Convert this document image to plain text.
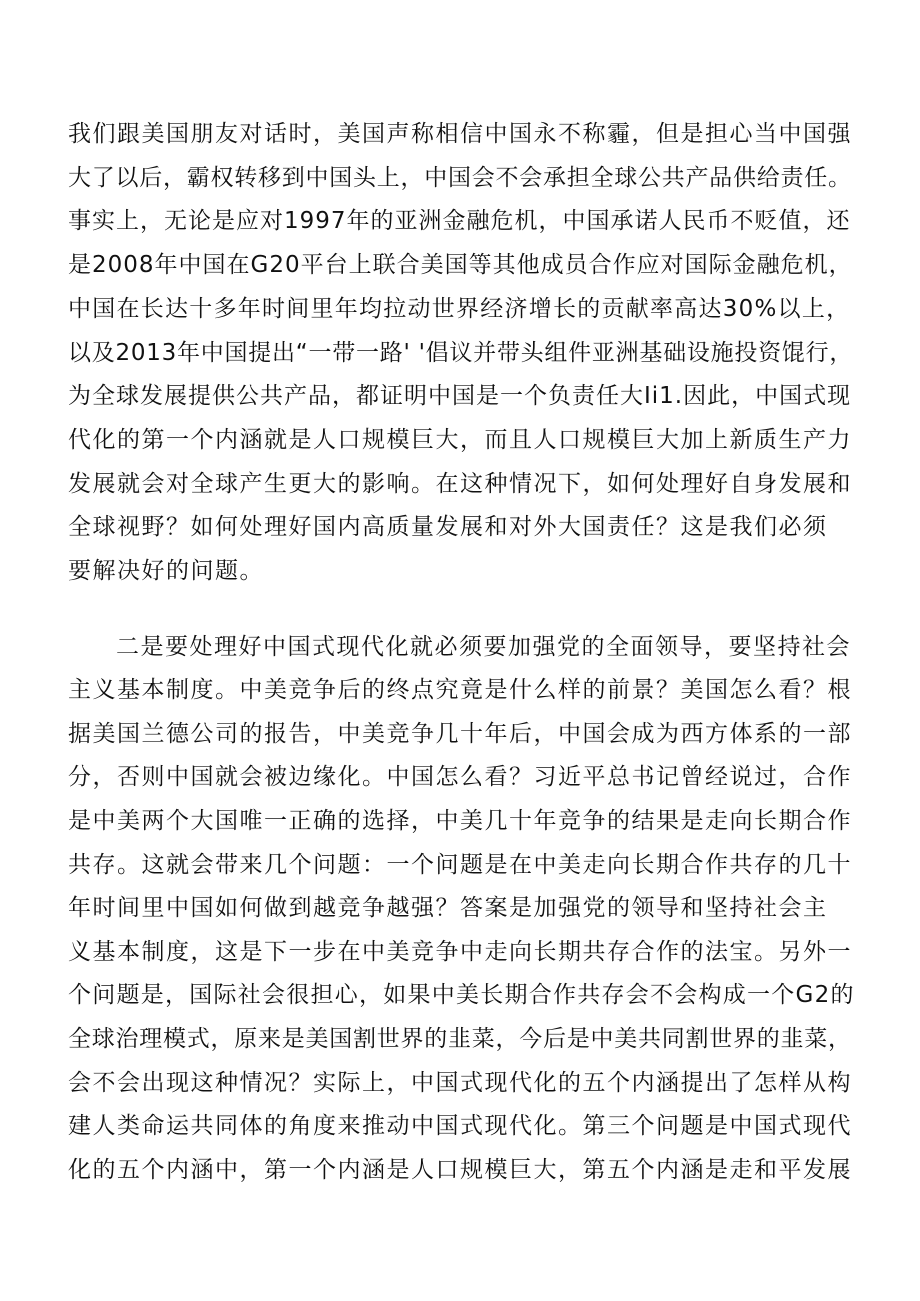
我们跟美国朋友对话时，美国声称相信中国永不称霾，但是担心当中国强
大了以后，霸权转移到中国头上，中国会不会承担全球公共产品供给责任。
事实上，无论是应对1997年的亚洲金融危机，中国承诺人民币不贬值，还
是2008年中国在G20平台上联合美国等其他成员合作应对国际金融危机，
中国在长达十多年时间里年均拉动世界经济增长的贡献率高达30%以上，
以及2013年中国提出“一带一路' '倡议并带头组件亚洲基础设施投资馄行，
为全球发展提供公共产品，都证明中国是一个负责任大Ii1.因此，中国式现
代化的第一个内涵就是人口规模巨大，而且人口规模巨大加上新质生产力
发展就会对全球产生更大的影响。在这种情况下，如何处理好自身发展和
全球视野？如何处理好国内高质量发展和对外大国责任？这是我们必须
要解决好的问题。
二是要处理好中国式现代化就必须要加强党的全面领导，要坚持社会
主义基本制度。中美竞争后的终点究竟是什么样的前景？美国怎么看？根
据美国兰德公司的报告，中美竞争几十年后，中国会成为西方体系的一部
分，否则中国就会被边缘化。中国怎么看？习近平总书记曾经说过，合作
是中美两个大国唯一正确的选择，中美几十年竞争的结果是走向长期合作
共存。这就会带来几个问题：一个问题是在中美走向长期合作共存的几十
年时间里中国如何做到越竞争越强？答案是加强党的领导和坚持社会主
义基本制度，这是下一步在中美竞争中走向长期共存合作的法宝。另外一
个问题是，国际社会很担心，如果中美长期合作共存会不会构成一个G2的
全球治理模式，原来是美国割世界的韭菜，今后是中美共同割世界的韭菜，
会不会出现这种情况？实际上，中国式现代化的五个内涵提出了怎样从构
建人类命运共同体的角度来推动中国式现代化。第三个问题是中国式现代
化的五个内涵中，第一个内涵是人口规模巨大，第五个内涵是走和平发展
